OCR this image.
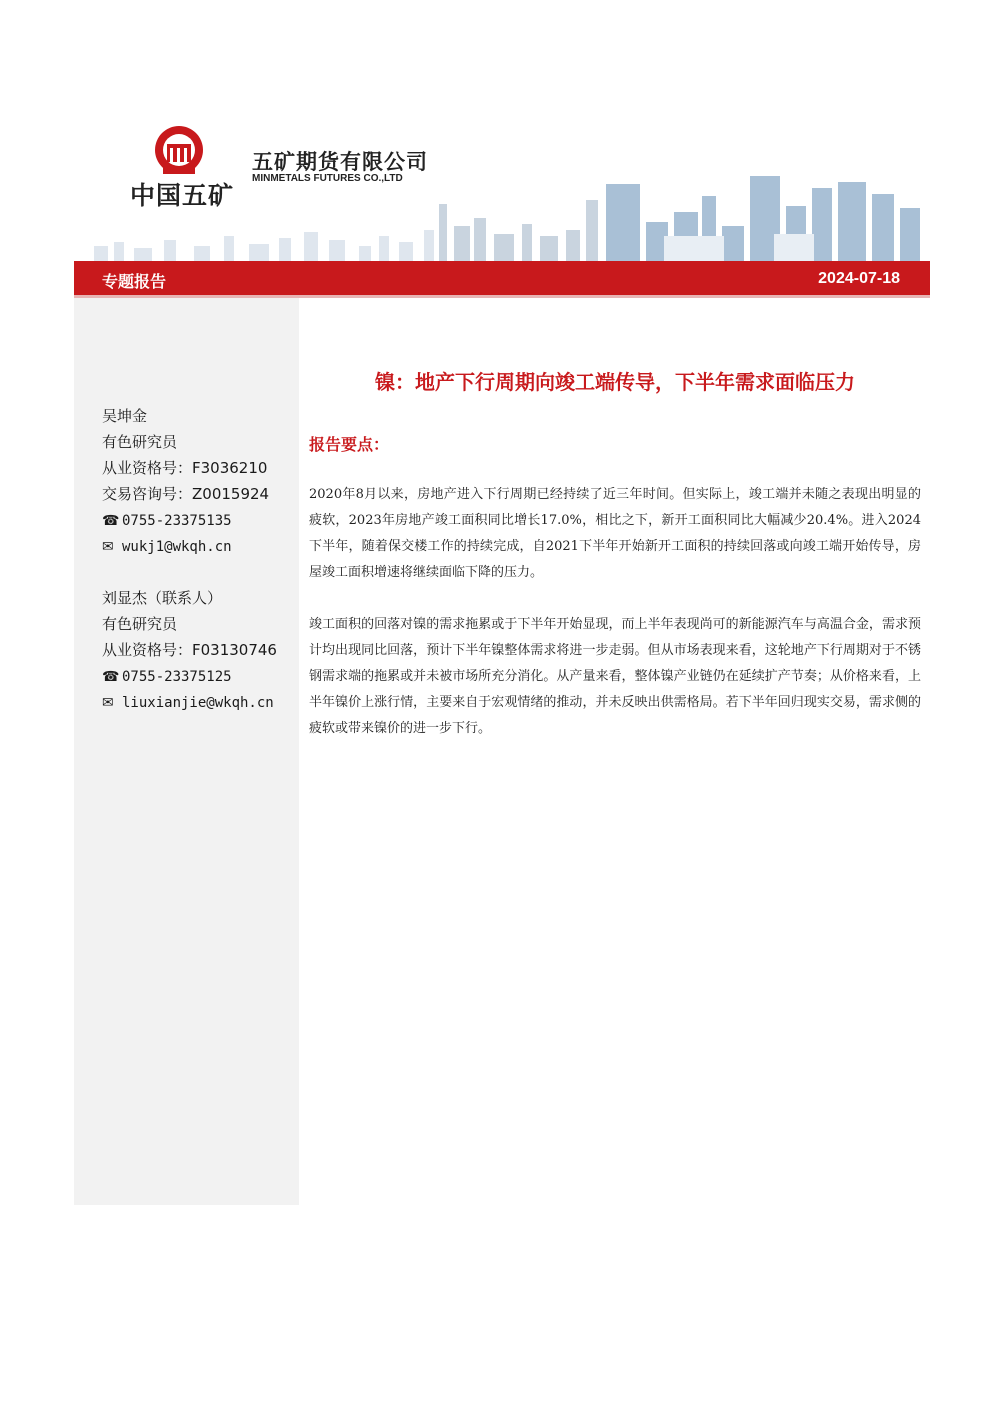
中国五矿
五矿期货有限公司
MINMETALS FUTURES CO.,LTD
专题报告	2024-07-18
吴坤金
有色研究员
从业资格号：F3036210
交易咨询号：Z0015924
☎ 0755-23375135
✉ wukj1@wkqh.cn
刘显杰（联系人）
有色研究员
从业资格号：F03130746
☎ 0755-23375125
✉ liuxianjie@wkqh.cn
镍：地产下行周期向竣工端传导，下半年需求面临压力
报告要点：
2020年8月以来，房地产进入下行周期已经持续了近三年时间。但实际上，竣工端并未随之表现出明显的疲软，2023年房地产竣工面积同比增长17.0%，相比之下，新开工面积同比大幅减少20.4%。进入2024下半年，随着保交楼工作的持续完成，自2021下半年开始新开工面积的持续回落或向竣工端开始传导，房屋竣工面积增速将继续面临下降的压力。
竣工面积的回落对镍的需求拖累或于下半年开始显现，而上半年表现尚可的新能源汽车与高温合金，需求预计均出现同比回落，预计下半年镍整体需求将进一步走弱。但从市场表现来看，这轮地产下行周期对于不锈钢需求端的拖累或并未被市场所充分消化。从产量来看，整体镍产业链仍在延续扩产节奏；从价格来看，上半年镍价上涨行情，主要来自于宏观情绪的推动，并未反映出供需格局。若下半年回归现实交易，需求侧的疲软或带来镍价的进一步下行。
